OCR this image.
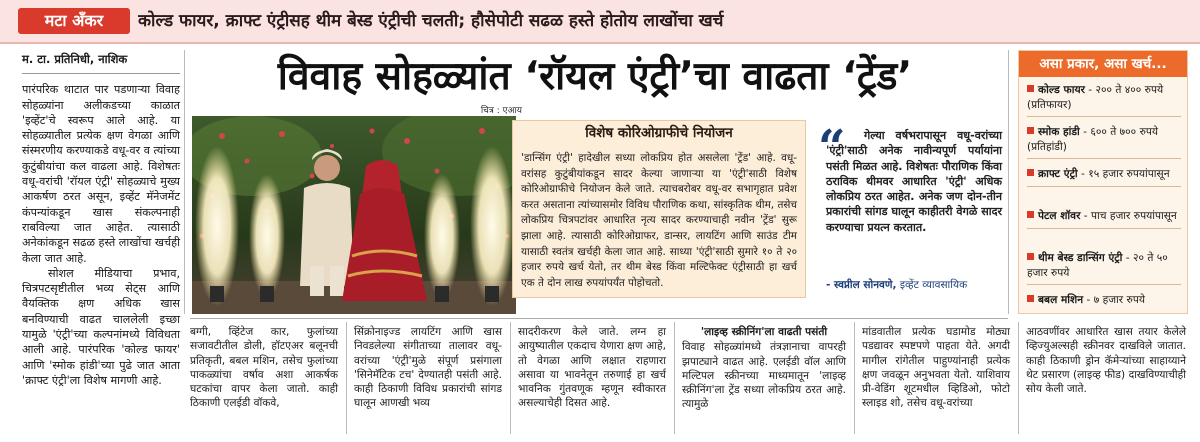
मटा अँकर	कोल्ड फायर, क्राफ्ट एंट्रीसह थीम बेस्ड एंट्रीची चलती; हौसेपोटी सढळ हस्ते होतोय लाखोंचा खर्च
म. टा. प्रतिनिधी, नाशिक

पारंपरिक थाटात पार पडणाऱ्या विवाह सोहळ्यांना अलीकडच्या काळात 'इव्हेंट'चे स्वरूप आले आहे. या सोहळ्यातील प्रत्येक क्षण वेगळा आणि संस्मरणीय करण्याकडे वधू-वर व त्यांच्या कुटुंबीयांचा कल वाढला आहे. विशेषतः वधू-वरांची 'रॉयल एंट्री' सोहळ्याचे मुख्य आकर्षण ठरत असून, इव्हेंट मॅनेजमेंट कंपन्यांकडून खास संकल्पनाही राबविल्या जात आहेत. त्यासाठी अनेकांकडून सढळ हस्ते लाखोंचा खर्चही केला जात आहे.

सोशल मीडियाचा प्रभाव, चित्रपटसृष्टीतील भव्य सेट्स आणि वैयक्तिक क्षण अधिक खास बनविण्याची वाढत चाललेली इच्छा यामुळे 'एंट्री'च्या कल्पनांमध्ये विविधता आली आहे. पारंपरिक 'कोल्ड फायर' आणि 'स्मोक हांडी'च्या पुढे जात आता 'क्राफ्ट एंट्री'ला विशेष मागणी आहे.

विवाह सोहळ्यांत ‘रॉयल एंट्री’चा वाढता ‘ट्रेंड’
चित्र : एआय
विशेष कोरिओग्राफीचे नियोजन
'डान्सिंग एंट्री' हादेखील सध्या लोकप्रिय होत असलेला 'ट्रेंड' आहे. वधू-वरांसह कुटुंबीयांकडून सादर केल्या जाणाऱ्या या 'एंट्री'साठी विशेष कोरिओग्राफीचे नियोजन केले जाते. त्याचबरोबर वधू-वर सभागृहात प्रवेश करत असताना त्यांच्यासमोर विविध पौराणिक कथा, सांस्कृतिक थीम, तसेच लोकप्रिय चित्रपटांवर आधारित नृत्य सादर करण्याचाही नवीन 'ट्रेंड' सुरू झाला आहे. त्यासाठी कोरिओग्राफर, डान्सर, लायटिंग आणि साउंड टीम यासाठी स्वतंत्र खर्चही केला जात आहे. साध्या 'एंट्री'साठी सुमारे १० ते २० हजार रुपये खर्च येतो, तर थीम बेस्ड किंवा मल्टिफेक्ट एंट्रीसाठी हा खर्च एक ते दोन लाख रुपयांपर्यंत पोहोचतो.
“	गेल्या वर्षभरापासून वधू-वरांच्या 'एंट्री'साठी अनेक नावीन्यपूर्ण पर्यायांना पसंती मिळत आहे. विशेषतः पौराणिक किंवा ठराविक थीमवर आधारित 'एंट्री' अधिक लोकप्रिय ठरत आहेत. अनेक जण दोन-तीन प्रकारांची सांगड घालून काहीतरी वेगळे सादर करण्याचा प्रयत्न करतात.
- स्वप्नील सोनवणे, इव्हेंट व्यावसायिक
असा प्रकार, असा खर्च...
कोल्ड फायर - २०० ते ४०० रुपये (प्रतिफायर)
स्मोक हांडी - ६०० ते ७०० रुपये (प्रतिहांडी)
क्राफ्ट एंट्री - १५ हजार रुपयांपासून
पेटल शॉवर - पाच हजार रुपयांपासून
थीम बेस्ड डान्सिंग एंट्री - २० ते ५० हजार रुपये
बबल मशिन - ७ हजार रुपये

बग्गी, व्हिंटेज कार, फुलांच्या सजावटीतील डोली, हॉटएअर बलूनची प्रतिकृती, बबल मशिन, तसेच फुलांच्या पाकळ्यांचा वर्षाव अशा आकर्षक घटकांचा वापर केला जातो. काही ठिकाणी एलईडी वॉकवे,

सिंक्रोनाइज्ड लायटिंग आणि खास निवडलेल्या संगीताच्या तालावर वधू-वरांच्या 'एंट्री'मुळे संपूर्ण प्रसंगाला 'सिनेमॅटिक टच' देण्यातही पसंती आहे. काही ठिकाणी विविध प्रकारांची सांगड घालून आणखी भव्य

सादरीकरण केले जाते. लग्न हा आयुष्यातील एकदाच येणारा क्षण आहे, तो वेगळा आणि लक्षात राहणारा असावा या भावनेतून तरुणाई हा खर्च भावनिक गुंतवणूक म्हणून स्वीकारत असल्याचेही दिसत आहे.

'लाइव्ह स्क्रीनिंग'ला वाढती पसंती

विवाह सोहळ्यांमध्ये तंत्रज्ञानाचा वापरही झपाट्याने वाढत आहे. एलईडी वॉल आणि मल्टिपल स्क्रीनच्या माध्यमातून 'लाइव्ह स्क्रीनिंग'ला ट्रेंड सध्या लोकप्रिय ठरत आहे. त्यामुळे

मांडवातील प्रत्येक घडामोड मोठ्या पडद्यावर स्पष्टपणे पाहता येते. अगदी मागील रांगेतील पाहुण्यांनाही प्रत्येक क्षण जवळून अनुभवता येतो. याशिवाय प्री-वेडिंग शूटमधील व्हिडिओ, फोटो स्लाइड शो, तसेच वधू-वरांच्या

आठवणींवर आधारित खास तयार केलेले व्हिज्युअल्सही स्क्रीनवर दाखविले जातात. काही ठिकाणी ड्रोन कॅमेऱ्यांच्या साहाय्याने थेट प्रसारण (लाइव्ह फीड) दाखविण्याचीही सोय केली जाते.
